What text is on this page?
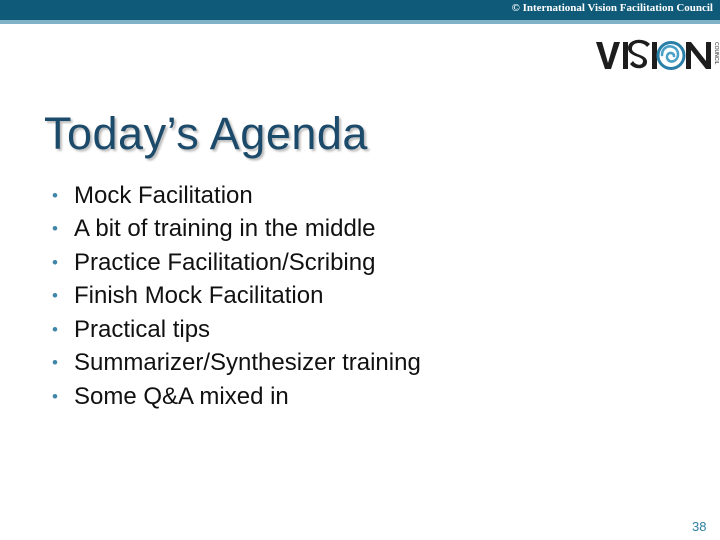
© International Vision Facilitation Council
COUNCIL
Today’s Agenda
• Mock Facilitation
• A bit of training in the middle
• Practice Facilitation/Scribing
• Finish Mock Facilitation
• Practical tips
• Summarizer/Synthesizer training
• Some Q&A mixed in
38
